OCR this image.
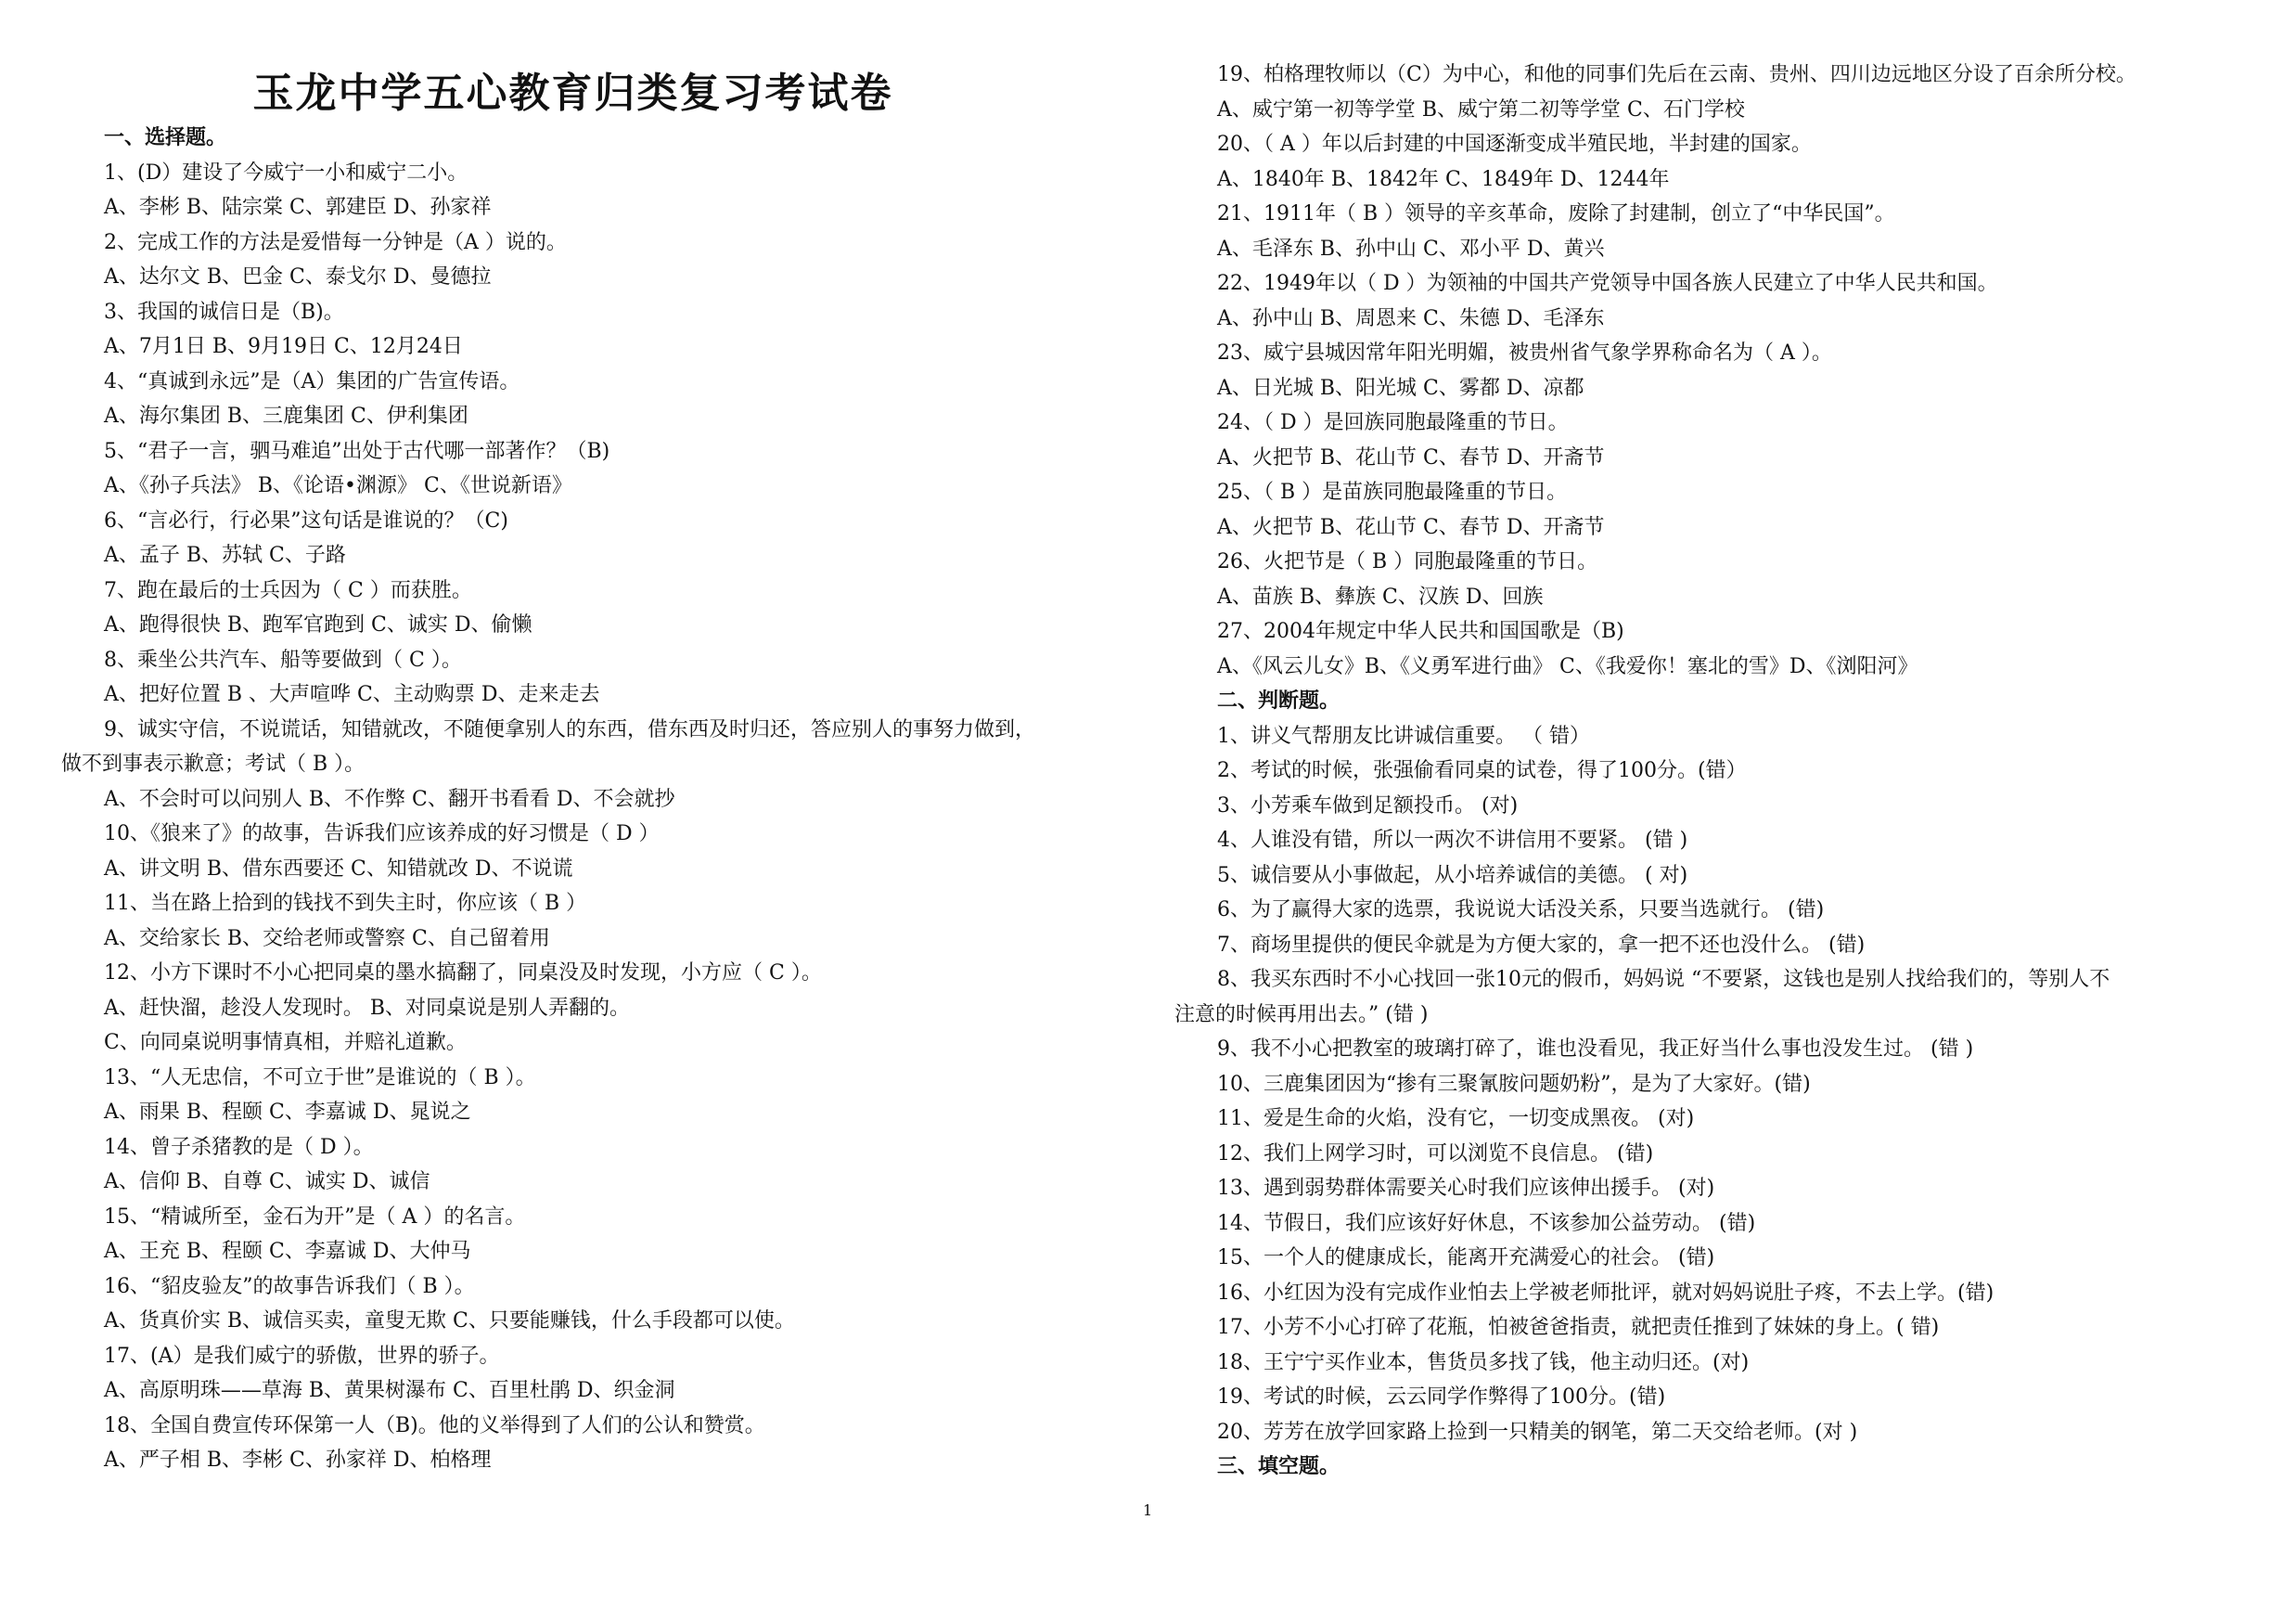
玉龙中学五心教育归类复习考试卷
一、选择题。
1、(D）建设了今威宁一小和威宁二小。
A、李彬 B、陆宗棠 C、郭建臣 D、孙家祥
2、完成工作的方法是爱惜每一分钟是（A ）说的。
A、达尔文 B、巴金 C、泰戈尔 D、曼德拉
3、我国的诚信日是（B)。
A、7月1日 B、9月19日 C、12月24日
4、“真诚到永远”是（A）集团的广告宣传语。
A、海尔集团 B、三鹿集团 C、伊利集团
5、“君子一言，驷马难追”出处于古代哪一部著作？（B)
A、《孙子兵法》 B、《论语•渊源》 C、《世说新语》
6、“言必行，行必果”这句话是谁说的？（C)
A、孟子 B、苏轼 C、子路
7、跑在最后的士兵因为（ C ）而获胜。
A、跑得很快 B、跑军官跑到 C、诚实 D、偷懒
8、乘坐公共汽车、船等要做到（ C ）。
A、把好位置 B 、大声喧哗 C、主动购票 D、走来走去
9、诚实守信，不说谎话，知错就改，不随便拿别人的东西，借东西及时归还，答应别人的事努力做到，
做不到事表示歉意；考试（ B ）。
A、不会时可以问别人 B、不作弊 C、翻开书看看 D、不会就抄
10、《狼来了》的故事，告诉我们应该养成的好习惯是（ D ）
A、讲文明 B、借东西要还 C、知错就改 D、不说谎
11、当在路上拾到的钱找不到失主时，你应该（ B ）
A、交给家长 B、交给老师或警察 C、自己留着用
12、小方下课时不小心把同桌的墨水搞翻了，同桌没及时发现，小方应（ C ）。
A、赶快溜，趁没人发现时。 B、对同桌说是别人弄翻的。
C、向同桌说明事情真相，并赔礼道歉。
13、“人无忠信，不可立于世”是谁说的（ B ）。
A、雨果 B、程颐 C、李嘉诚 D、晁说之
14、曾子杀猪教的是（ D ）。
A、信仰 B、自尊 C、诚实 D、诚信
15、“精诚所至，金石为开”是（ A ）的名言。
A、王充 B、程颐 C、李嘉诚 D、大仲马
16、“貂皮验友”的故事告诉我们（ B ）。
A、货真价实 B、诚信买卖，童叟无欺 C、只要能赚钱，什么手段都可以使。
17、(A）是我们威宁的骄傲，世界的骄子。
A、高原明珠——草海 B、黄果树瀑布 C、百里杜鹃 D、织金洞
18、全国自费宣传环保第一人（B)。他的义举得到了人们的公认和赞赏。
A、严子相 B、李彬 C、孙家祥 D、柏格理
19、柏格理牧师以（C）为中心，和他的同事们先后在云南、贵州、四川边远地区分设了百余所分校。
A、威宁第一初等学堂 B、威宁第二初等学堂 C、石门学校
20、（ A ）年以后封建的中国逐渐变成半殖民地，半封建的国家。
A、1840年 B、1842年 C、1849年 D、1244年
21、1911年（ B ）领导的辛亥革命，废除了封建制，创立了“中华民国”。
A、毛泽东 B、孙中山 C、邓小平 D、黄兴
22、1949年以（ D ）为领袖的中国共产党领导中国各族人民建立了中华人民共和国。
A、孙中山 B、周恩来 C、朱德 D、毛泽东
23、威宁县城因常年阳光明媚，被贵州省气象学界称命名为（ A ）。
A、日光城 B、阳光城 C、雾都 D、凉都
24、（ D ）是回族同胞最隆重的节日。
A、火把节 B、花山节 C、春节 D、开斋节
25、（ B ）是苗族同胞最隆重的节日。
A、火把节 B、花山节 C、春节 D、开斋节
26、火把节是（ B ）同胞最隆重的节日。
A、苗族 B、彝族 C、汉族 D、回族
27、2004年规定中华人民共和国国歌是（B)
A、《风云儿女》B、《义勇军进行曲》 C、《我爱你！塞北的雪》D、《浏阳河》
二、判断题。
1、讲义气帮朋友比讲诚信重要。 （ 错）
2、考试的时候，张强偷看同桌的试卷，得了100分。(错）
3、小芳乘车做到足额投币。 (对)
4、人谁没有错，所以一两次不讲信用不要紧。 (错 )
5、诚信要从小事做起，从小培养诚信的美德。 ( 对)
6、为了赢得大家的选票，我说说大话没关系，只要当选就行。 (错)
7、商场里提供的便民伞就是为方便大家的，拿一把不还也没什么。 (错)
8、我买东西时不小心找回一张10元的假币，妈妈说 “不要紧，这钱也是别人找给我们的，等别人不
注意的时候再用出去。” (错 )
9、我不小心把教室的玻璃打碎了，谁也没看见，我正好当什么事也没发生过。 (错 )
10、三鹿集团因为“掺有三聚氰胺问题奶粉”，是为了大家好。(错)
11、爱是生命的火焰，没有它，一切变成黑夜。 (对)
12、我们上网学习时，可以浏览不良信息。 (错)
13、遇到弱势群体需要关心时我们应该伸出援手。 (对)
14、节假日，我们应该好好休息，不该参加公益劳动。 (错)
15、一个人的健康成长，能离开充满爱心的社会。 (错)
16、小红因为没有完成作业怕去上学被老师批评，就对妈妈说肚子疼，不去上学。(错)
17、小芳不小心打碎了花瓶，怕被爸爸指责，就把责任推到了妹妹的身上。( 错)
18、王宁宁买作业本，售货员多找了钱，他主动归还。(对)
19、考试的时候，云云同学作弊得了100分。(错)
20、芳芳在放学回家路上捡到一只精美的钢笔，第二天交给老师。(对 )
三、填空题。
1
